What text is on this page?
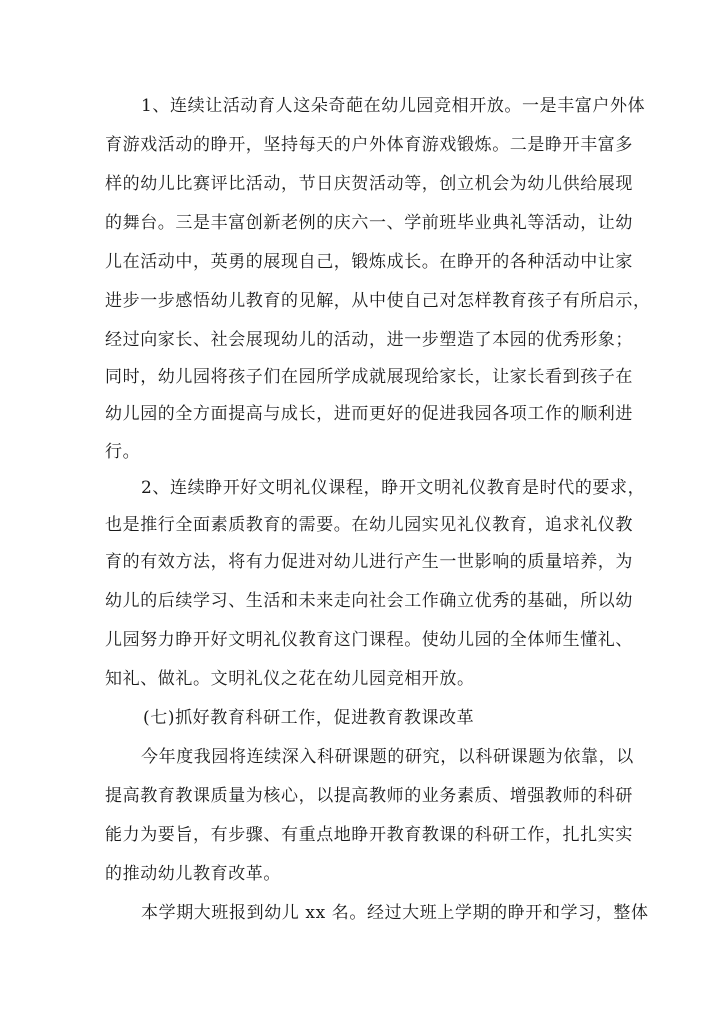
1、连续让活动育人这朵奇葩在幼儿园竞相开放。一是丰富户外体
育游戏活动的睁开，坚持每天的户外体育游戏锻炼。二是睁开丰富多
样的幼儿比赛评比活动，节日庆贺活动等，创立机会为幼儿供给展现
的舞台。三是丰富创新老例的庆六一、学前班毕业典礼等活动，让幼
儿在活动中，英勇的展现自己，锻炼成长。在睁开的各种活动中让家
进步一步感悟幼儿教育的见解，从中使自己对怎样教育孩子有所启示，
经过向家长、社会展现幼儿的活动，进一步塑造了本园的优秀形象；
同时，幼儿园将孩子们在园所学成就展现给家长，让家长看到孩子在
幼儿园的全方面提高与成长，进而更好的促进我园各项工作的顺利进
行。
2、连续睁开好文明礼仪课程，睁开文明礼仪教育是时代的要求，
也是推行全面素质教育的需要。在幼儿园实见礼仪教育，追求礼仪教
育的有效方法，将有力促进对幼儿进行产生一世影响的质量培养，为
幼儿的后续学习、生活和未来走向社会工作确立优秀的基础，所以幼
儿园努力睁开好文明礼仪教育这门课程。使幼儿园的全体师生懂礼、
知礼、做礼。文明礼仪之花在幼儿园竞相开放。
(七)抓好教育科研工作，促进教育教课改革
今年度我园将连续深入科研课题的研究，以科研课题为依靠，以
提高教育教课质量为核心，以提高教师的业务素质、增强教师的科研
能力为要旨，有步骤、有重点地睁开教育教课的科研工作，扎扎实实
的推动幼儿教育改革。
本学期大班报到幼儿 xx 名。经过大班上学期的睁开和学习，整体
